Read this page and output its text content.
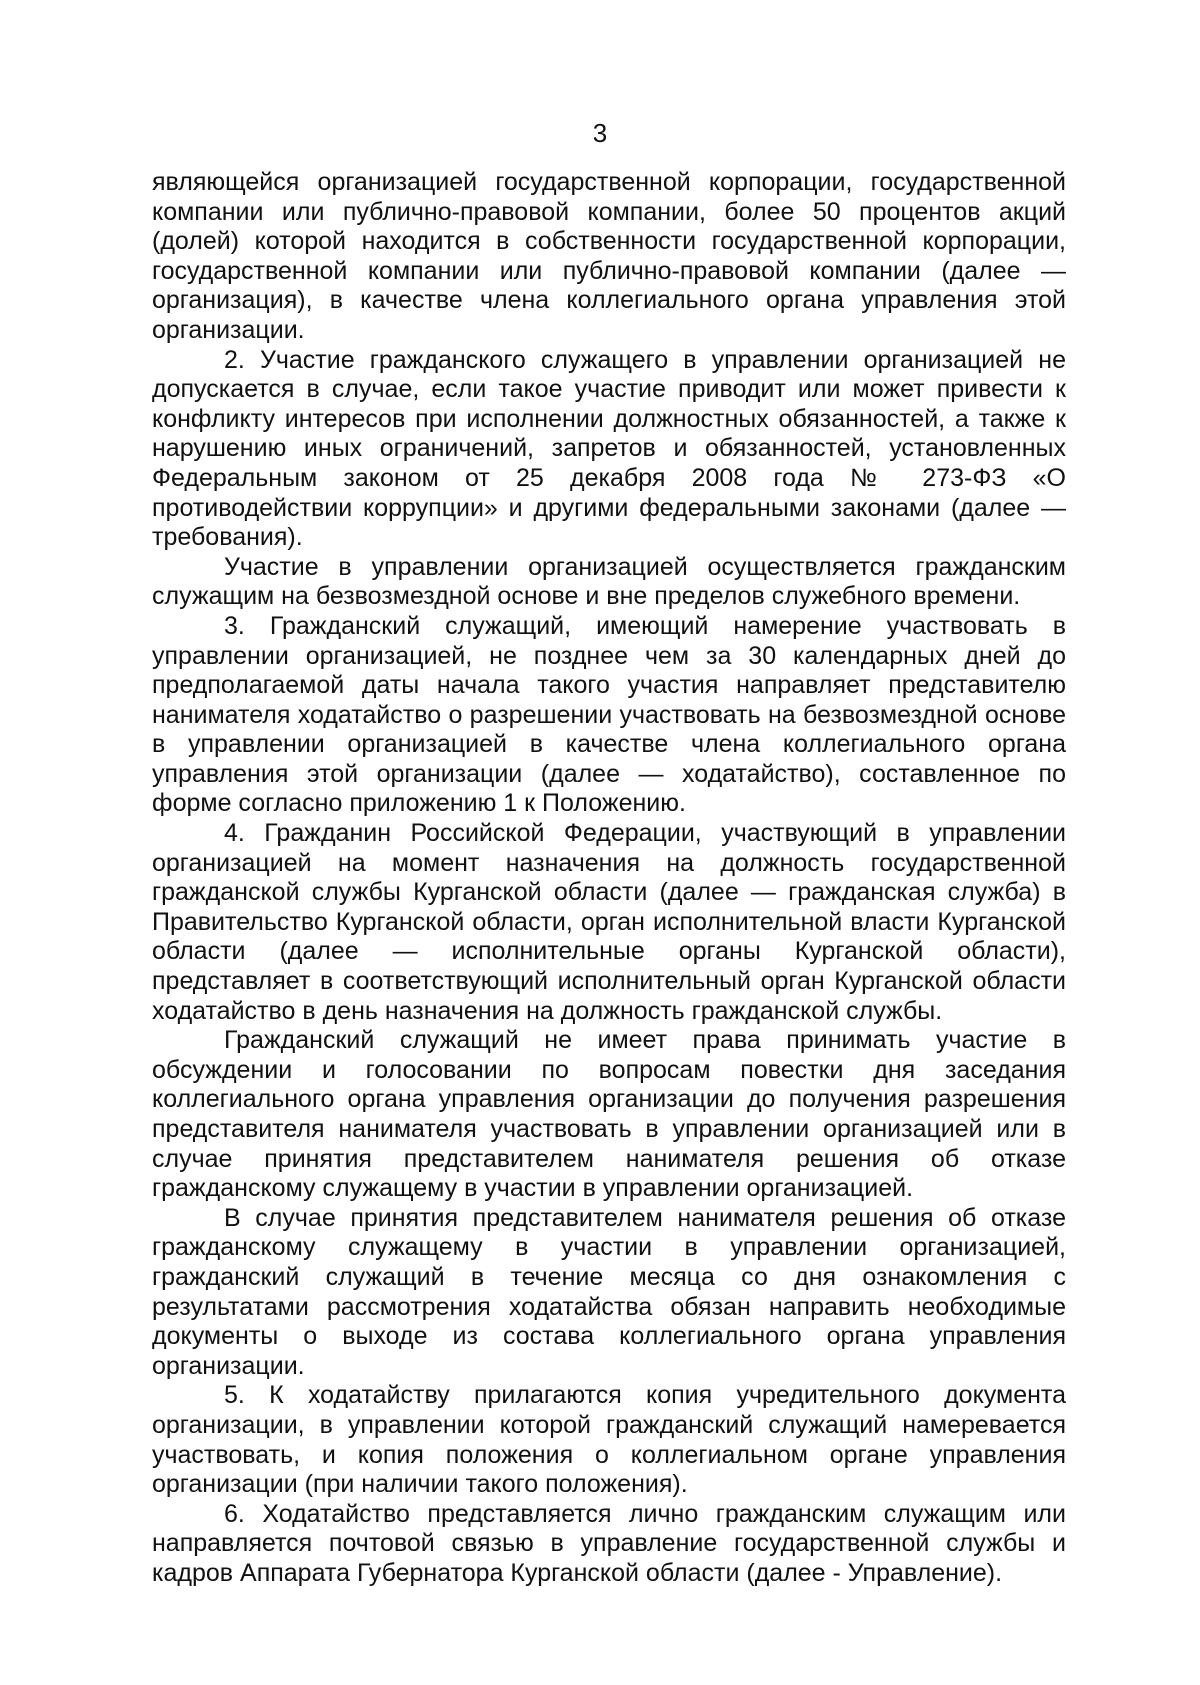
3

являющейся организацией государственной корпорации, государственной компании или публично-правовой компании, более 50 процентов акций (долей) которой находится в собственности государственной корпорации, государственной компании или публично-правовой компании (далее — организация), в качестве члена коллегиального органа управления этой организации.

2. Участие гражданского служащего в управлении организацией не допускается в случае, если такое участие приводит или может привести к конфликту интересов при исполнении должностных обязанностей, а также к нарушению иных ограничений, запретов и обязанностей, установленных Федеральным законом от 25 декабря 2008 года № 273-ФЗ «О противодействии коррупции» и другими федеральными законами (далее — требования).

Участие в управлении организацией осуществляется гражданским служащим на безвозмездной основе и вне пределов служебного времени.

3. Гражданский служащий, имеющий намерение участвовать в управлении организацией, не позднее чем за 30 календарных дней до предполагаемой даты начала такого участия направляет представителю нанимателя ходатайство о разрешении участвовать на безвозмездной основе в управлении организацией в качестве члена коллегиального органа управления этой организации (далее — ходатайство), составленное по форме согласно приложению 1 к Положению.

4. Гражданин Российской Федерации, участвующий в управлении организацией на момент назначения на должность государственной гражданской службы Курганской области (далее — гражданская служба) в Правительство Курганской области, орган исполнительной власти Курганской области (далее — исполнительные органы Курганской области), представляет в соответствующий исполнительный орган Курганской области ходатайство в день назначения на должность гражданской службы.

Гражданский служащий не имеет права принимать участие в обсуждении и голосовании по вопросам повестки дня заседания коллегиального органа управления организации до получения разрешения представителя нанимателя участвовать в управлении организацией или в случае принятия представителем нанимателя решения об отказе гражданскому служащему в участии в управлении организацией.

В случае принятия представителем нанимателя решения об отказе гражданскому служащему в участии в управлении организацией, гражданский служащий в течение месяца со дня ознакомления с результатами рассмотрения ходатайства обязан направить необходимые документы о выходе из состава коллегиального органа управления организации.

5. К ходатайству прилагаются копия учредительного документа организации, в управлении которой гражданский служащий намеревается участвовать, и копия положения о коллегиальном органе управления организации (при наличии такого положения).

6. Ходатайство представляется лично гражданским служащим или направляется почтовой связью в управление государственной службы и кадров Аппарата Губернатора Курганской области (далее - Управление).
